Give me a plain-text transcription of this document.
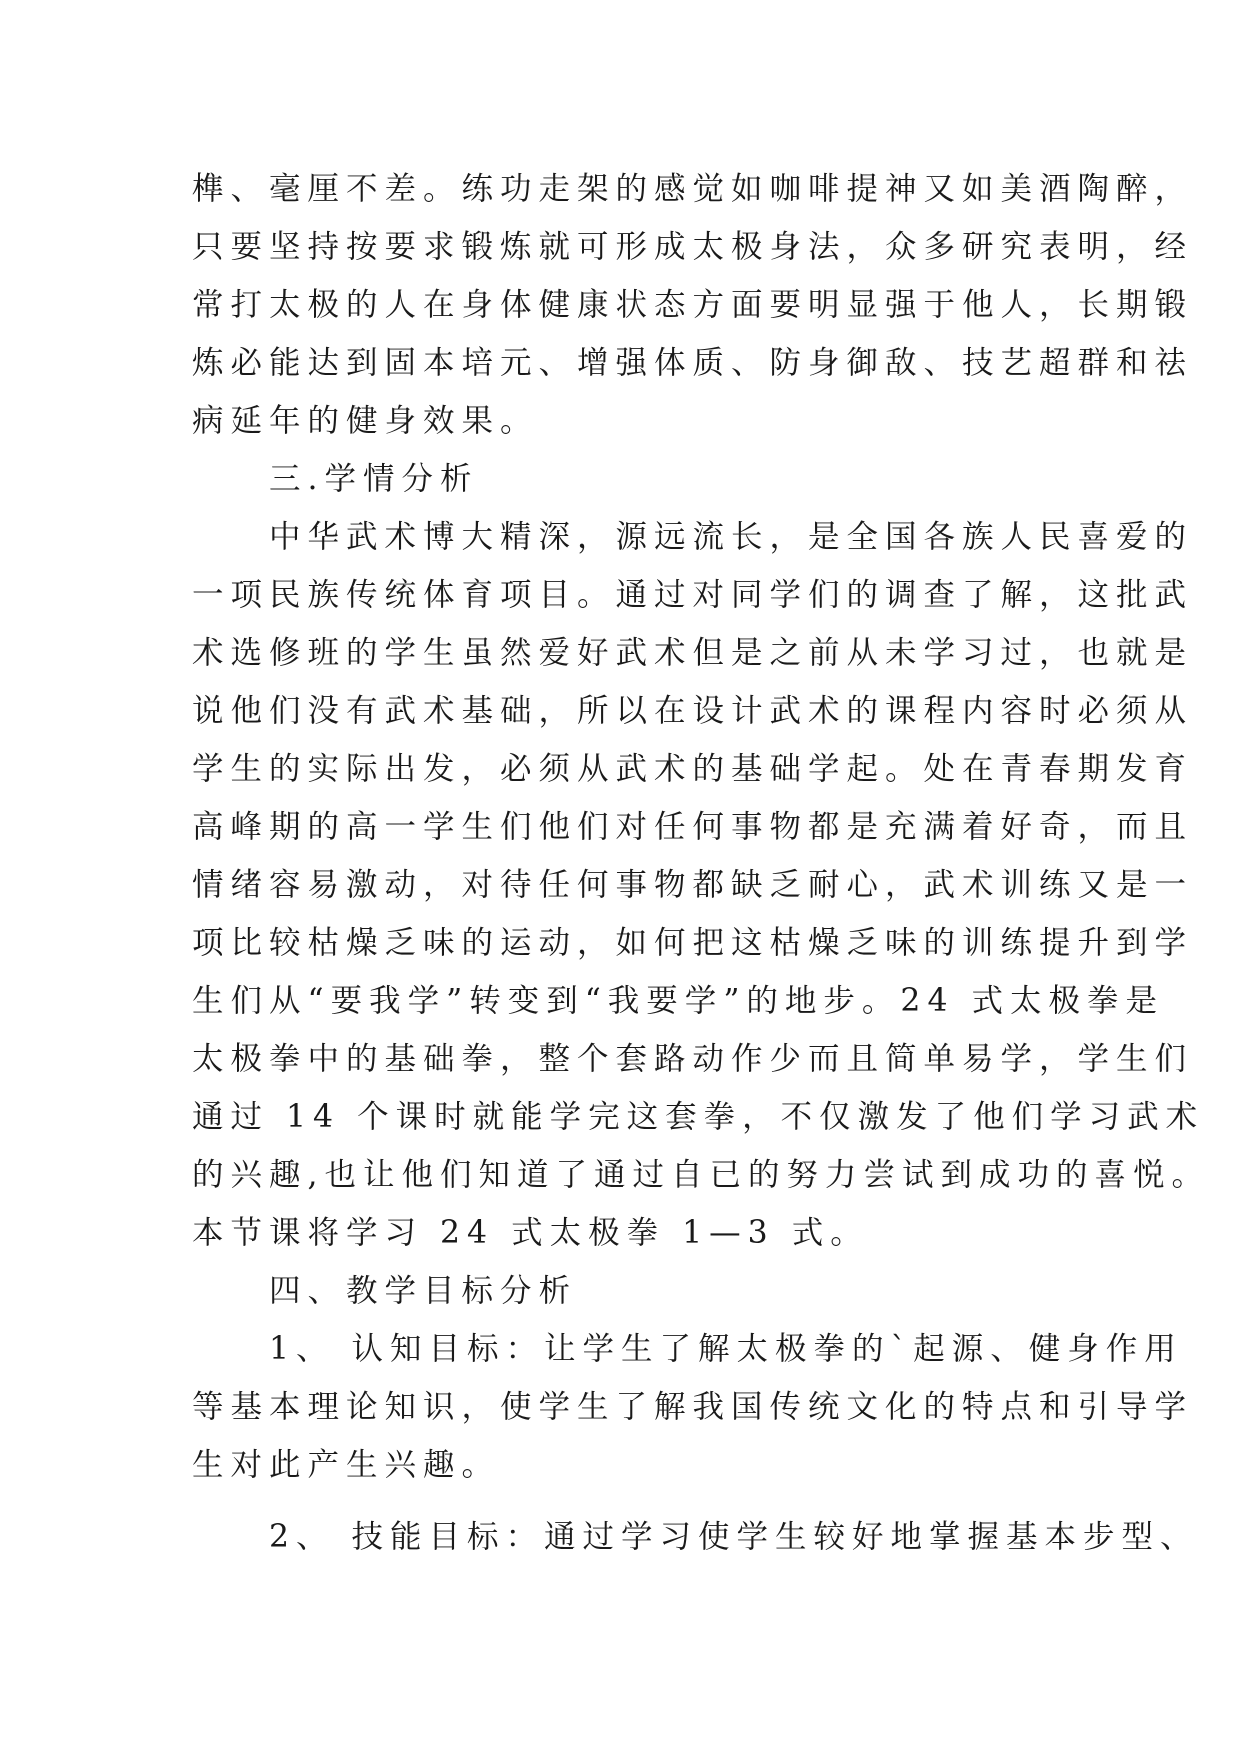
榫、毫厘不差。练功走架的感觉如咖啡提神又如美酒陶醉，
只要坚持按要求锻炼就可形成太极身法，众多研究表明，经
常打太极的人在身体健康状态方面要明显强于他人，长期锻
炼必能达到固本培元、增强体质、防身御敌、技艺超群和祛
病延年的健身效果。
　　三.学情分析
　　中华武术博大精深，源远流长，是全国各族人民喜爱的
一项民族传统体育项目。通过对同学们的调查了解，这批武
术选修班的学生虽然爱好武术但是之前从未学习过，也就是
说他们没有武术基础，所以在设计武术的课程内容时必须从
学生的实际出发，必须从武术的基础学起。处在青春期发育
高峰期的高一学生们他们对任何事物都是充满着好奇，而且
情绪容易激动，对待任何事物都缺乏耐心，武术训练又是一
项比较枯燥乏味的运动，如何把这枯燥乏味的训练提升到学
生们从“要我学”转变到“我要学”的地步。24 式太极拳是
太极拳中的基础拳，整个套路动作少而且简单易学，学生们
通过 14 个课时就能学完这套拳，不仅激发了他们学习武术
的兴趣,也让他们知道了通过自已的努力尝试到成功的喜悦。
本节课将学习 24 式太极拳 1—3 式。
　　四、教学目标分析
　　1、 认知目标：让学生了解太极拳的`起源、健身作用
等基本理论知识，使学生了解我国传统文化的特点和引导学
生对此产生兴趣。
　　2、 技能目标：通过学习使学生较好地掌握基本步型、
